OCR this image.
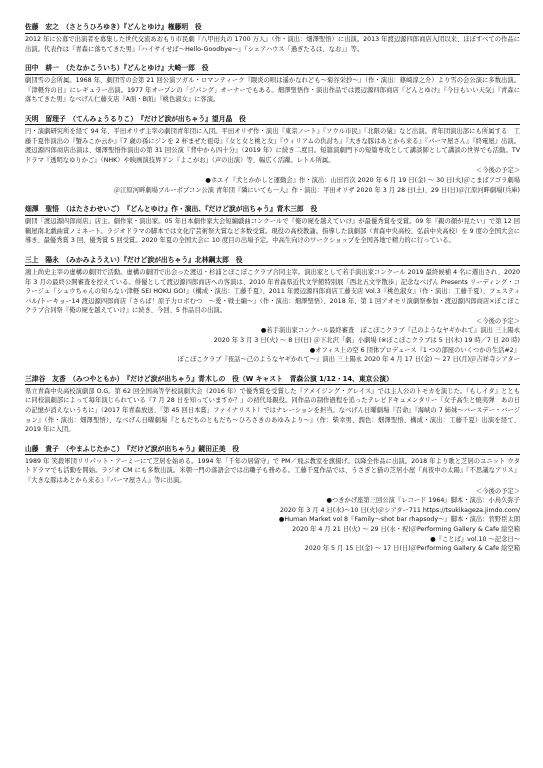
佐藤　宏之　（さとうひろゆき）『どんとゆけ』権藤明　役

2012 年に公募で出演者を募集した世代交流あおもり市民劇『八甲田丸の 1700 万人』（作・演出：畑澤聖悟）に出演。2013 年渡辺源四郎商店入団以来、ほぼすべての作品に出演。代表作は『青森に落ちてきた男』『ハイサイせば〜Hello-Goodbye〜』『シェアハウス「過ぎたるは、なお」』等。

田中　耕一　（たなかこういち）『どんとゆけ』大崎一郎　役

劇団雪の会所属。1968 年、劇団雪の会第 21 回公演ツガル・ロマンティーク『隈炎の唄は遥かなれども〜菊谷栄抄〜』（作・演出：篠崎淳之介）より雪の会公演に多数出演。『津軽弁の日』にレギュラー出演。1977 年オープンの「ジパング」オーナーでもある。畑澤聖悟作・演出作品では渡辺源四郎商店『どんとゆけ』『今日もいい天気』『青森に落ちてきた男』なべげん仁藤支店『A面・B面』『桃色淑女』に客演。

天明　留理子　（てんみょうるりこ）　『だけど涙が出ちゃう』望月晶　役

円・演劇研究所を経て 94 年、平田オリザ主宰の劇団青年団に入団。平田オリザ作・演出『東京ノート』『ソウル市民』『北限の猿』など出演。青年団演出部にも所属する　工藤千夏作演出の『蟹みこか云か』『7 歳の孫にジンを 2 杯まぜた祖母』『女と女と桃と女』『ウィリアムの仇討ち』『大きな豚はあとから来る』『パーマ屋さん』『終電屋』出演。渡辺源四郎商店出演は、畑澤聖悟作演出の第 31 回公演『背中から四十分』（2019 年）に続き二度目。短篇演劇門下の短篇専攻として講談師として講談の世界でも活動。TV ドラマ『透明なゆりかご』（NHK）や映画演技界ドン『よこがお』（声の出演）等、幅広く活躍。レトル所属。

＜今後の予定＞
●ホエイ『犬とかかしと運動会』作・演出：山田百次 2020 年 6 月 19 日(金) 〜 30 日(火)＠こまばアゴラ劇場
＠江原河畔劇場ブルーポプコン公演 青年団『隣にいても一人』作・演出：平田オリザ 2020 年 3 月 28 日(土)、29 日(日)＠江原河畔劇場(兵庫)
畑澤　聖悟　（はたさわせいご）　『どんとゆけ』作・演出、『だけど涙が出ちゃう』青木三郎　役

劇団「渡辺源四郎商店」店主。劇作家・演出家。05 年日本劇作家大会短編戯曲コンクールで『俺の屍を越えていけ』が最優秀賞を受賞。09 年『親の顔が見たい』で第 12 回鶴屋南北戯曲賞ノミネート。ラジオドラマの脚本では文化庁芸術祭大賞など多数受賞。現役の高校教諭。指導した演劇部（青森中央高校、弘前中央高校）を 9 度の全国大会に導き、最優秀賞 3 回、優秀賞 5 回受賞。2020 年夏の全国大会に 10 度目の出場予定。中高生向けのワークショップを全国各地で精力的に行っている。

三上　陽永　（みかみようえい）『だけど涙が出ちゃう』北林鋼太郎　役

鴻上尚史主宰の虚構の劇団で活動。虚構の劇団で出会った渡辺・杉浦とぽこぽこクラブ合同主宰。演出家として若手演出家コンクール 2019 最終候補 4 名に選出され、2020 年 3 月の最終公開審査を控えている。俳優として渡辺源四郎商店への客演は、2010 年青森県近代文学館特別展「西北五文学散歩」記念なべげん Presents リーディング・コラージュ『シュウちゃんの知らない津軽 SEI HOKU GO!』（構成・演出：工藤千夏）、2011 年渡辺源四郎商店工藤支店 Vol.3『桃色淑女』（作・演出：工藤千夏）、フェスティバル/トーキョー14 渡辺源四郎商店『さらば！原子力ロボむつ　〜愛・戦士編〜』（作・演出：畑澤聖悟）、2018 年、第 1 回アオモリ演劇祭参加・渡辺源四郎商店×ぽこぽこクラブ合同祭『俺の屍を越えていけ』に続き、今回、5 作品目の出演。

＜今後の予定＞
●若手演出家コンクール最終審査　ぽこぽこクラブ『己のようなヤギかれて』演出 三上陽永
2020 年 3 月 3 日(火) 〜 8 日(日) ＠下北沢「劇」小劇場 (※ぽこぽこクラブは 5 日(木) 19 時／7 日 20 時)
●オフィス上の空 6 団体プロデュース『1 つの部屋のいくつかの生活#2』
ぽこぽこクラブ『夜話〜己のようなヤギかれて〜』演出 三上陽永 2020 年 4 月 17 日(金) 〜 27 日(月)＠吉祥寺シアター
三津谷　友香　（みつやともか）　『だけど涙が出ちゃう』青木しの　役（W キャスト　青森公演 1/12・14、東京公演）

県立青森中央高校演劇部 O.G。第 62 回全国高等学校演劇大会（2016 年）で優秀賞を受賞した『アメイジング・グレイス』では主人公のトモカを演じた。『もしイタ』とともに同校演劇部によって毎年演じられている『7 月 28 日を知っていますか？』の初代母親役。同作品の制作過程を追ったテレビドキュメンタリー「女子高生と焼夷弾　あの日の記憶が消えないうちに」（2017 年青森放送、「第 45 回日本賞」ファイナリスト）ではナレーションを担当。なべげん日曜劇場『召命』『海峡の 7 姉妹〜バースデー・バージョン』（作・演出：畑澤聖悟）、なべげん日曜劇場『ともだちのともだち〜ひろさきのあゆみより〜』（作：柴幸男、潤色：畑澤聖悟、構成・演出：工藤千夏）出演を経て、2019 年に入団。

山藤　貴子　（やまふじたかこ）　『だけど涙が出ちゃう』鏡田正美　役

1989 年 笑殺軍団リリパット・アーミーにて芝居を始める。1994 年「千年の居留守」で PM／飛ぶ教室を旗揚げ。以降全作品に出演。2018 年より歌と芝居のユニット ウタトドラマでも活動を開始。ラジオ CM にも多数出演。米朝一門の落語会では出囃子も務める。工藤千夏作品では、うさぎと猫の芝居小屋『真夜中の太陽』『不思議なアリス』『大きな豚はあとから来る』『パーマ屋さん』等に出演。

＜今後の予定＞
●つきかげ座第三回公演『レコード 1964』脚本・演出：小鳥久弥子
2020 年 3 月 4 日(水)〜10 日(火)＠シアター711 https://tsukikageza.jimdo.com/
●Human Market vol 8『Family〜shot bar rhapsody〜』脚本・演出：菅野臣太朗
2020 年 4 月 21 日(火) 〜 29 日(水・祝)＠Performing Gallery & Cafe 絵空箱
●『ことば』vol.10 〜記念日〜
2020 年 5 月 15 日(金) 〜 17 日(日)＠Performing Gallery & Cafe 絵空箱
